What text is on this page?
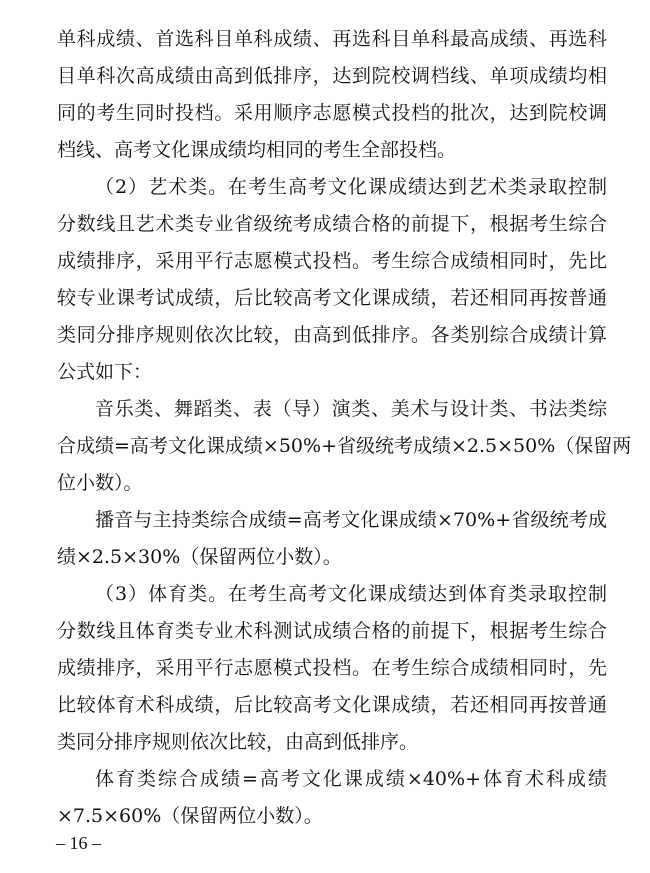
单科成绩、首选科目单科成绩、再选科目单科最高成绩、再选科
目单科次高成绩由高到低排序，达到院校调档线、单项成绩均相
同的考生同时投档。采用顺序志愿模式投档的批次，达到院校调
档线、高考文化课成绩均相同的考生全部投档。
（2）艺术类。在考生高考文化课成绩达到艺术类录取控制
分数线且艺术类专业省级统考成绩合格的前提下，根据考生综合
成绩排序，采用平行志愿模式投档。考生综合成绩相同时，先比
较专业课考试成绩，后比较高考文化课成绩，若还相同再按普通
类同分排序规则依次比较，由高到低排序。各类别综合成绩计算
公式如下：
音乐类、舞蹈类、表（导）演类、美术与设计类、书法类综
合成绩=高考文化课成绩×50%+省级统考成绩×2.5×50%（保留两
位小数）。
播音与主持类综合成绩=高考文化课成绩×70%+省级统考成
绩×2.5×30%（保留两位小数）。
（3）体育类。在考生高考文化课成绩达到体育类录取控制
分数线且体育类专业术科测试成绩合格的前提下，根据考生综合
成绩排序，采用平行志愿模式投档。在考生综合成绩相同时，先
比较体育术科成绩，后比较高考文化课成绩，若还相同再按普通
类同分排序规则依次比较，由高到低排序。
体育类综合成绩=高考文化课成绩×40%+体育术科成绩
×7.5×60%（保留两位小数）。
– 16 –
